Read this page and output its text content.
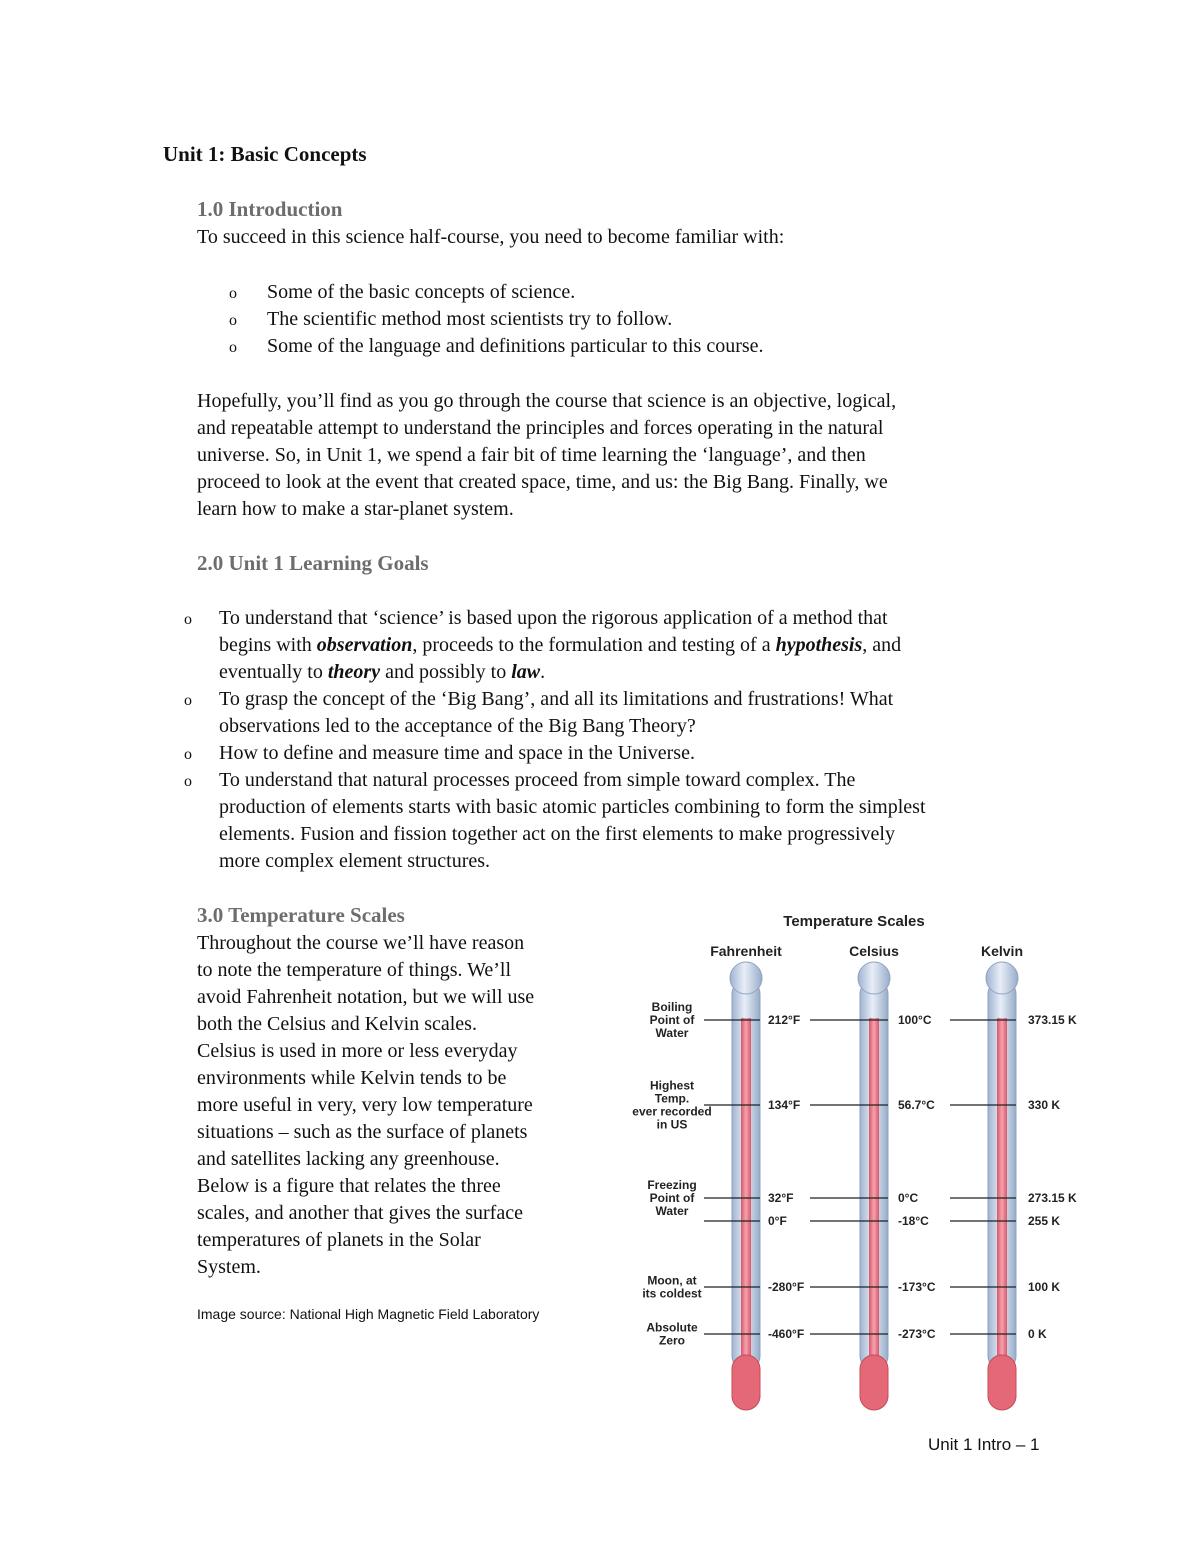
Unit 1: Basic Concepts
1.0 Introduction
To succeed in this science half-course, you need to become familiar with:
o Some of the basic concepts of science.
o The scientific method most scientists try to follow.
o Some of the language and definitions particular to this course.
Hopefully, you’ll find as you go through the course that science is an objective, logical,
and repeatable attempt to understand the principles and forces operating in the natural
universe. So, in Unit 1, we spend a fair bit of time learning the ‘language’, and then
proceed to look at the event that created space, time, and us: the Big Bang. Finally, we
learn how to make a star-planet system.
2.0 Unit 1 Learning Goals
o To understand that ‘science’ is based upon the rigorous application of a method that
begins with observation, proceeds to the formulation and testing of a hypothesis, and
eventually to theory and possibly to law.
o To grasp the concept of the ‘Big Bang’, and all its limitations and frustrations! What
observations led to the acceptance of the Big Bang Theory?
o How to define and measure time and space in the Universe.
o To understand that natural processes proceed from simple toward complex. The
production of elements starts with basic atomic particles combining to form the simplest
elements. Fusion and fission together act on the first elements to make progressively
more complex element structures.
3.0 Temperature Scales
Throughout the course we’ll have reason
to note the temperature of things. We’ll
avoid Fahrenheit notation, but we will use
both the Celsius and Kelvin scales.
Celsius is used in more or less everyday
environments while Kelvin tends to be
more useful in very, very low temperature
situations – such as the surface of planets
and satellites lacking any greenhouse.
Below is a figure that relates the three
scales, and another that gives the surface
temperatures of planets in the Solar
System.
Image source: National High Magnetic Field Laboratory
Temperature Scales
Fahrenheit	Celsius	Kelvin
Boiling
Point of
Water
212°F	100°C	373.15 K
Highest
Temp.
ever recorded
in US
134°F	56.7°C	330 K
Freezing
Point of
Water
32°F	0°C	273.15 K
0°F	-18°C	255 K
Moon, at
its coldest	-280°F	-173°C	100 K
Absolute
Zero	-460°F	-273°C	0 K
Unit 1 Intro – 1
